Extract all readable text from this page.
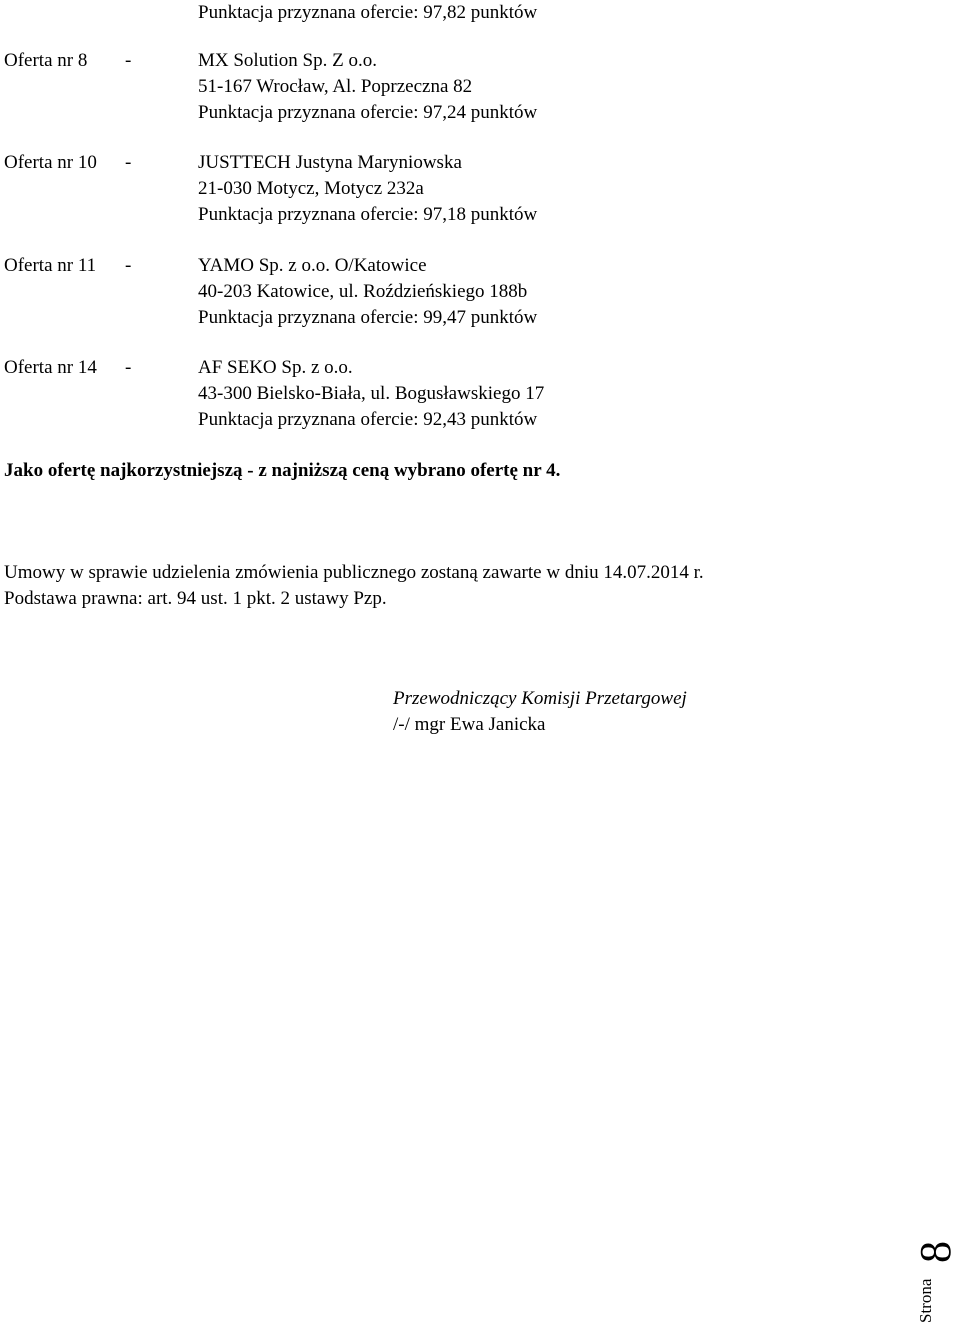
Punktacja przyznana ofercie: 97,82 punktów
Oferta nr 8 -	MX Solution Sp. Z o.o.
51-167 Wrocław, Al. Poprzeczna 82
Punktacja przyznana ofercie: 97,24 punktów
Oferta nr 10 -	JUSTTECH Justyna Maryniowska
21-030 Motycz, Motycz 232a
Punktacja przyznana ofercie: 97,18 punktów
Oferta nr 11 -	YAMO Sp. z o.o. O/Katowice
40-203 Katowice, ul. Roździeńskiego 188b
Punktacja przyznana ofercie: 99,47 punktów
Oferta nr 14 -	AF SEKO Sp. z o.o.
43-300 Bielsko-Biała, ul. Bogusławskiego 17
Punktacja przyznana ofercie: 92,43 punktów
Jako ofertę najkorzystniejszą - z najniższą ceną wybrano ofertę nr 4.
Umowy w sprawie udzielenia zmówienia publicznego zostaną zawarte w dniu 14.07.2014 r.
Podstawa prawna: art. 94 ust. 1 pkt. 2 ustawy Pzp.
Przewodniczący Komisji Przetargowej
/-/ mgr Ewa Janicka
Strona
8
